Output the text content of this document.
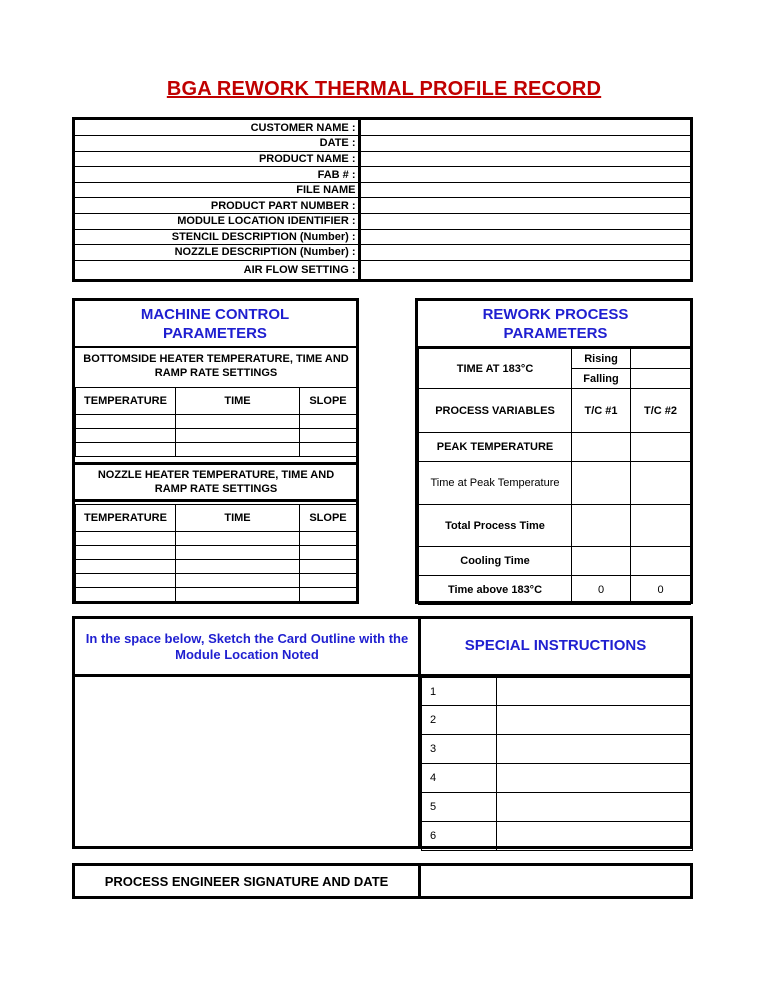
BGA REWORK THERMAL PROFILE RECORD
CUSTOMER NAME :	
DATE :	
PRODUCT NAME :	
FAB # :	
FILE NAME	
PRODUCT PART NUMBER :	
MODULE LOCATION IDENTIFIER :	
STENCIL DESCRIPTION (Number) :	
NOZZLE DESCRIPTION (Number) :	
AIR FLOW SETTING :	
MACHINE CONTROL PARAMETERS
BOTTOMSIDE HEATER TEMPERATURE, TIME AND RAMP RATE SETTINGS
TEMPERATURE	TIME	SLOPE

NOZZLE HEATER TEMPERATURE, TIME AND RAMP RATE SETTINGS
TEMPERATURE	TIME	SLOPE

REWORK PROCESS PARAMETERS
TIME AT 183°C	Rising	
	Falling	
PROCESS VARIABLES	T/C #1	T/C #2
PEAK TEMPERATURE		
Time at Peak Temperature		
Total Process Time		
Cooling Time		
Time above 183°C	0	0
In the space below, Sketch the Card Outline with the Module Location Noted
SPECIAL INSTRUCTIONS
1	
2	
3	
4	
5	
6	
PROCESS ENGINEER SIGNATURE AND DATE
